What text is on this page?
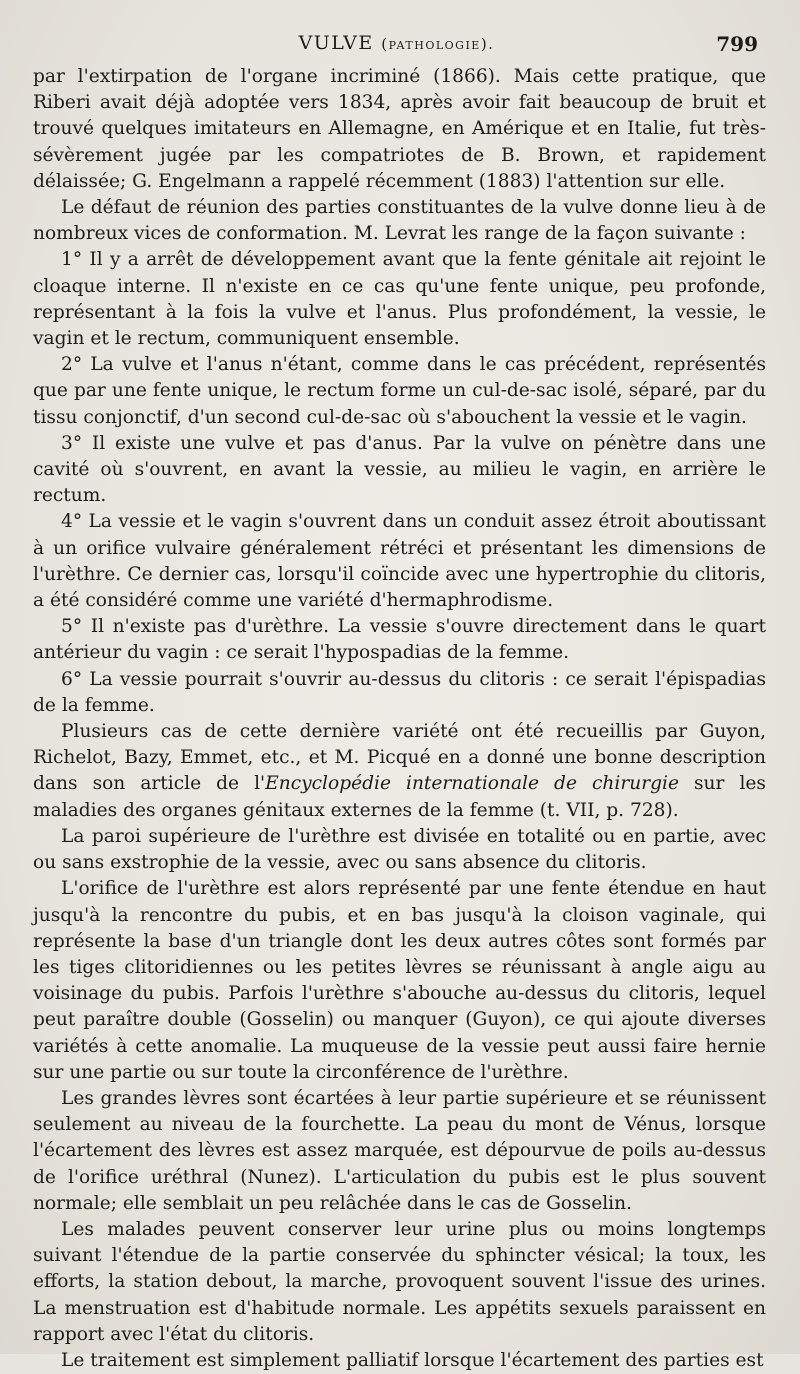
VULVE (pathologie).	799

par l'extirpation de l'organe incriminé (1866). Mais cette pratique, que Riberi avait déjà adoptée vers 1834, après avoir fait beaucoup de bruit et trouvé quelques imitateurs en Allemagne, en Amérique et en Italie, fut très-sévèrement jugée par les compatriotes de B. Brown, et rapidement délaissée; G. Engelmann a rappelé récemment (1883) l'attention sur elle.

Le défaut de réunion des parties constituantes de la vulve donne lieu à de nombreux vices de conformation. M. Levrat les range de la façon suivante :

1° Il y a arrêt de développement avant que la fente génitale ait rejoint le cloaque interne. Il n'existe en ce cas qu'une fente unique, peu profonde, représentant à la fois la vulve et l'anus. Plus profondément, la vessie, le vagin et le rectum, communiquent ensemble.

2° La vulve et l'anus n'étant, comme dans le cas précédent, représentés que par une fente unique, le rectum forme un cul-de-sac isolé, séparé, par du tissu conjonctif, d'un second cul-de-sac où s'abouchent la vessie et le vagin.

3° Il existe une vulve et pas d'anus. Par la vulve on pénètre dans une cavité où s'ouvrent, en avant la vessie, au milieu le vagin, en arrière le rectum.

4° La vessie et le vagin s'ouvrent dans un conduit assez étroit aboutissant à un orifice vulvaire généralement rétréci et présentant les dimensions de l'urèthre. Ce dernier cas, lorsqu'il coïncide avec une hypertrophie du clitoris, a été considéré comme une variété d'hermaphrodisme.

5° Il n'existe pas d'urèthre. La vessie s'ouvre directement dans le quart antérieur du vagin : ce serait l'hypospadias de la femme.

6° La vessie pourrait s'ouvrir au-dessus du clitoris : ce serait l'épispadias de la femme.

Plusieurs cas de cette dernière variété ont été recueillis par Guyon, Richelot, Bazy, Emmet, etc., et M. Picqué en a donné une bonne description dans son article de l'Encyclopédie internationale de chirurgie sur les maladies des organes génitaux externes de la femme (t. VII, p. 728).

La paroi supérieure de l'urèthre est divisée en totalité ou en partie, avec ou sans exstrophie de la vessie, avec ou sans absence du clitoris.

L'orifice de l'urèthre est alors représenté par une fente étendue en haut jusqu'à la rencontre du pubis, et en bas jusqu'à la cloison vaginale, qui représente la base d'un triangle dont les deux autres côtes sont formés par les tiges clitoridiennes ou les petites lèvres se réunissant à angle aigu au voisinage du pubis. Parfois l'urèthre s'abouche au-dessus du clitoris, lequel peut paraître double (Gosselin) ou manquer (Guyon), ce qui ajoute diverses variétés à cette anomalie. La muqueuse de la vessie peut aussi faire hernie sur une partie ou sur toute la circonférence de l'urèthre.

Les grandes lèvres sont écartées à leur partie supérieure et se réunissent seulement au niveau de la fourchette. La peau du mont de Vénus, lorsque l'écartement des lèvres est assez marquée, est dépourvue de poils au-dessus de l'orifice uréthral (Nunez). L'articulation du pubis est le plus souvent normale; elle semblait un peu relâchée dans le cas de Gosselin.

Les malades peuvent conserver leur urine plus ou moins longtemps suivant l'étendue de la partie conservée du sphincter vésical; la toux, les efforts, la station debout, la marche, provoquent souvent l'issue des urines. La menstruation est d'habitude normale. Les appétits sexuels paraissent en rapport avec l'état du clitoris.

Le traitement est simplement palliatif lorsque l'écartement des parties est
